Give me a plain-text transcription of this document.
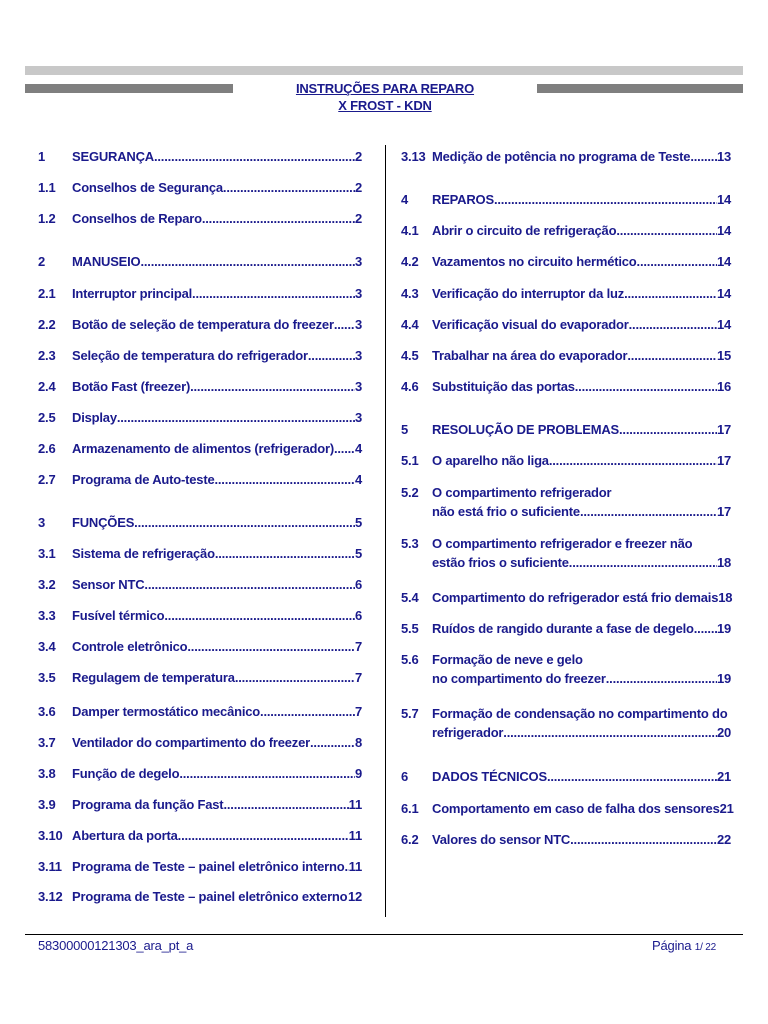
INSTRUÇÕES PARA REPARO
X FROST - KDN
1 SEGURANÇA .....	2
1.1 Conselhos de Segurança .....	2
1.2 Conselhos de Reparo .....	2
2 MANUSEIO .....	3
2.1 Interruptor principal .....	3
2.2 Botão de seleção de temperatura do freezer ..... 3
2.3 Seleção de temperatura do refrigerador .....	3
2.4 Botão Fast (freezer) .....	3
2.5 Display .....	3
2.6 Armazenamento de alimentos (refrigerador) ..... 4
2.7 Programa de Auto-teste .....	4
3 FUNÇÕES .....	5
3.1 Sistema de refrigeração .....	5
3.2 Sensor NTC .....	6
3.3 Fusível térmico .....	6
3.4 Controle eletrônico .....	7
3.5 Regulagem de temperatura .....	7
3.6 Damper termostático mecânico .....	7
3.7 Ventilador do compartimento do freezer .....	8
3.8 Função de degelo .....	9
3.9 Programa da função Fast .....	11
3.10 Abertura da porta .....	11
3.11 Programa de Teste – painel eletrônico interno ..... 11
3.12 Programa de Teste – painel eletrônico externo ..... 12
3.13 Medição de potência no programa de Teste ..... 13
4 REPAROS .....	14
4.1 Abrir o circuito de refrigeração .....	14
4.2 Vazamentos no circuito hermético .....	14
4.3 Verificação do interruptor da luz .....	14
4.4 Verificação visual do evaporador .....	14
4.5 Trabalhar na área do evaporador .....	15
4.6 Substituição das portas .....	16
5 RESOLUÇÃO DE PROBLEMAS .....	17
5.1 O aparelho não liga .....	17
5.2 O compartimento refrigerador
não está frio o suficiente .....	17
5.3 O compartimento refrigerador e freezer não
estão frios o suficiente .....	18
5.4 Compartimento do refrigerador está frio demais 18
5.5 Ruídos de rangido durante a fase de degelo ..... 19
5.6 Formação de neve e gelo
no compartimento do freezer .....	19
5.7 Formação de condensação no compartimento do
refrigerador .....	20
6 DADOS TÉCNICOS .....	21
6.1 Comportamento em caso de falha dos sensores 21
6.2 Valores do sensor NTC .....	22
58300000121303_ara_pt_a	Página 1/ 22
